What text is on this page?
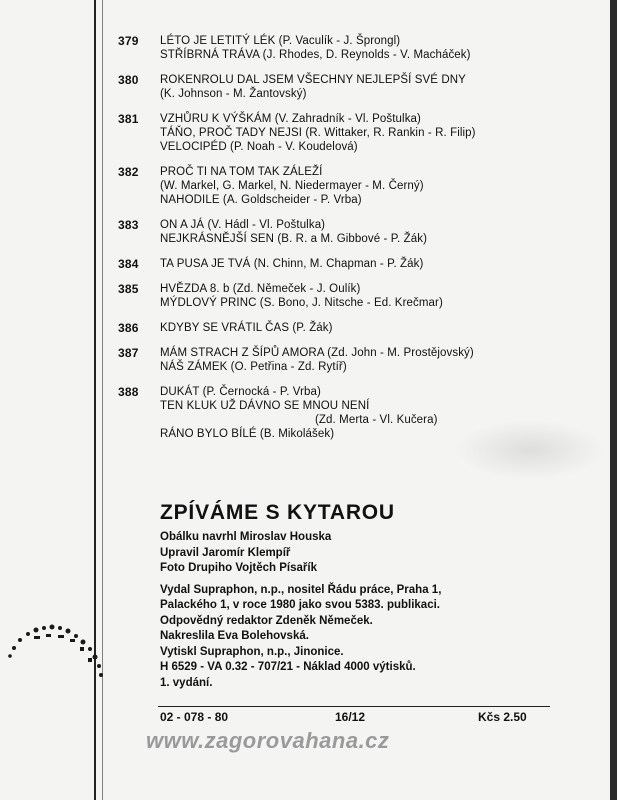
379 LÉTO JE LETITÝ LÉK (P. Vaculík - J. Šprongl)
STŘÍBRNÁ TRÁVA (J. Rhodes, D. Reynolds - V. Macháček)
380 ROKENROLU DAL JSEM VŠECHNY NEJLEPŠÍ SVÉ DNY
(K. Johnson - M. Žantovský)
381 VZHŮRU K VÝŠKÁM (V. Zahradník - Vl. Poštulka)
TÁŇO, PROČ TADY NEJSI (R. Wittaker, R. Rankin - R. Filip)
VELOCIPÉD (P. Noah - V. Koudelová)
382 PROČ TI NA TOM TAK ZÁLEŽÍ
(W. Markel, G. Markel, N. Niedermayer - M. Černý)
NAHODILE (A. Goldscheider - P. Vrba)
383 ON A JÁ (V. Hádl - Vl. Poštulka)
NEJKRÁSNĚJŠÍ SEN (B. R. a M. Gibbové - P. Žák)
384 TA PUSA JE TVÁ (N. Chinn, M. Chapman - P. Žák)
385 HVĚZDA 8. b (Zd. Němeček - J. Oulík)
MÝDLOVÝ PRINC (S. Bono, J. Nitsche - Ed. Krečmar)
386 KDYBY SE VRÁTIL ČAS (P. Žák)
387 MÁM STRACH Z ŠÍPŮ AMORA (Zd. John - M. Prostějovský)
NÁŠ ZÁMEK (O. Petřina - Zd. Rytíř)
388 DUKÁT (P. Černocká - P. Vrba)
TEN KLUK UŽ DÁVNO SE MNOU NENÍ
(Zd. Merta - Vl. Kučera)
RÁNO BYLO BÍLÉ (B. Mikolášek)
ZPÍVÁME S KYTAROU
Obálku navrhl Miroslav Houska
Upravil Jaromír Klempíř
Foto Drupiho Vojtěch Písařík
Vydal Supraphon, n.p., nositel Řádu práce, Praha 1,
Palackého 1, v roce 1980 jako svou 5383. publikaci.
Odpovědný redaktor Zdeněk Němeček.
Nakreslila Eva Bolehovská.
Vytiskl Supraphon, n.p., Jinonice.
H 6529 - VA 0.32 - 707/21 - Náklad 4000 výtisků.
1. vydání.
02 - 078 - 80	16/12	Kčs 2.50
www.zagorovahana.cz
